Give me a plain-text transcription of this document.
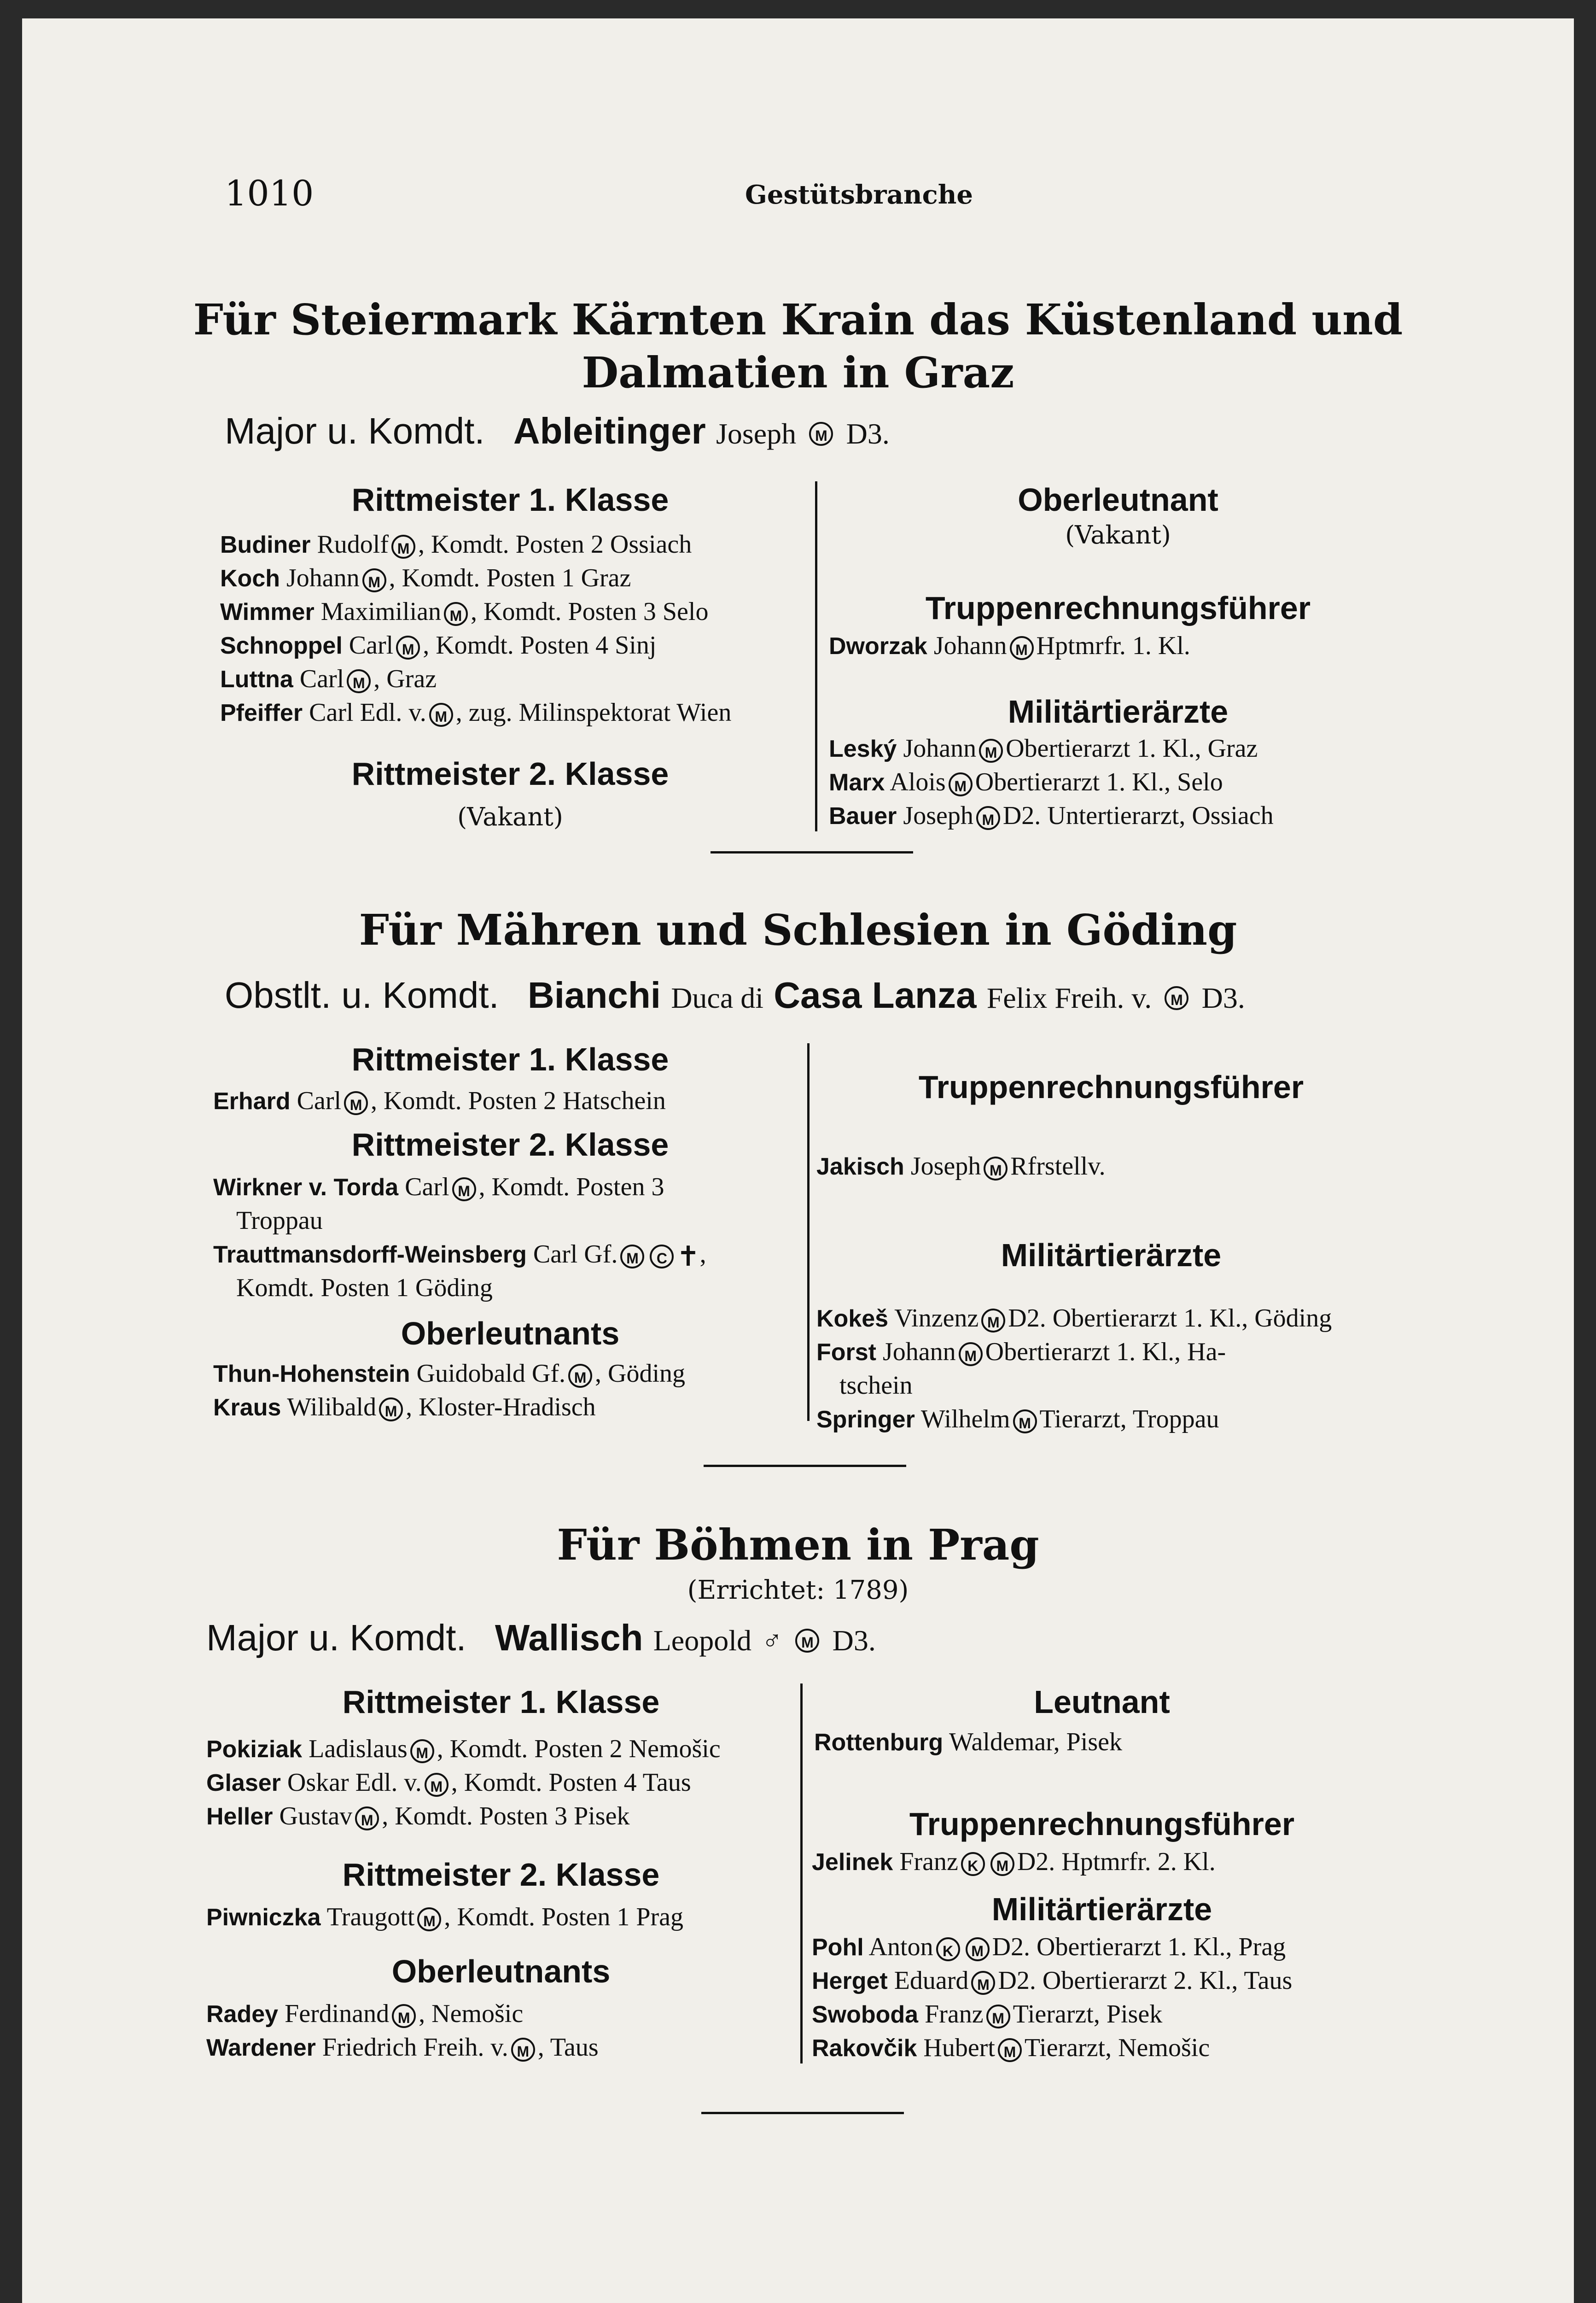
1010	Gestütsbranche
Für Steiermark Kärnten Krain das Küstenland und
Dalmatien in Graz
Major u. Komdt. Ableitinger Joseph M D3.
Rittmeister 1. Klasse
Budiner Rudolf M , Komdt. Posten 2 Ossiach
Koch Johann M , Komdt. Posten 1 Graz
Wimmer Maximilian M , Komdt. Posten 3 Selo
Schnoppel Carl M , Komdt. Posten 4 Sinj
Luttna Carl M , Graz
Pfeiffer Carl Edl. v. M , zug. Milinspektorat Wien
Rittmeister 2. Klasse
(Vakant)
Oberleutnant
(Vakant)
Truppenrechnungsführer
Dworzak Johann M Hptmrfr. 1. Kl.
Militärtierärzte
Leský Johann M Obertierarzt 1. Kl., Graz
Marx Alois M Obertierarzt 1. Kl., Selo
Bauer Joseph M D2. Untertierarzt, Ossiach
Für Mähren und Schlesien in Göding
Obstlt. u. Komdt. Bianchi Duca di Casa Lanza Felix Freih. v. M D3.
Rittmeister 1. Klasse
Erhard Carl M , Komdt. Posten 2 Hatschein
Rittmeister 2. Klasse
Wirkner v. Torda Carl M , Komdt. Posten 3
Troppau
Trauttmansdorff-Weinsberg Carl Gf. M C ✝,
Komdt. Posten 1 Göding
Oberleutnants
Thun-Hohenstein Guidobald Gf. M , Göding
Kraus Wilibald M , Kloster-Hradisch
Truppenrechnungsführer
Jakisch Joseph M Rfrstellv.
Militärtierärzte
Kokeš Vinzenz M D2. Obertierarzt 1. Kl., Göding
Forst Johann M Obertierarzt 1. Kl., Ha-
tschein
Springer Wilhelm M Tierarzt, Troppau
Für Böhmen in Prag
(Errichtet: 1789)
Major u. Komdt. Wallisch Leopold ♂ M D3.
Rittmeister 1. Klasse
Pokiziak Ladislaus M , Komdt. Posten 2 Nemošic
Glaser Oskar Edl. v. M , Komdt. Posten 4 Taus
Heller Gustav M , Komdt. Posten 3 Pisek
Rittmeister 2. Klasse
Piwniczka Traugott M , Komdt. Posten 1 Prag
Oberleutnants
Radey Ferdinand M , Nemošic
Wardener Friedrich Freih. v. M , Taus
Leutnant
Rottenburg Waldemar, Pisek
Truppenrechnungsführer
Jelinek Franz K M D2. Hptmrfr. 2. Kl.
Militärtierärzte
Pohl Anton K M D2. Obertierarzt 1. Kl., Prag
Herget Eduard M D2. Obertierarzt 2. Kl., Taus
Swoboda Franz M Tierarzt, Pisek
Rakovčik Hubert M Tierarzt, Nemošic
